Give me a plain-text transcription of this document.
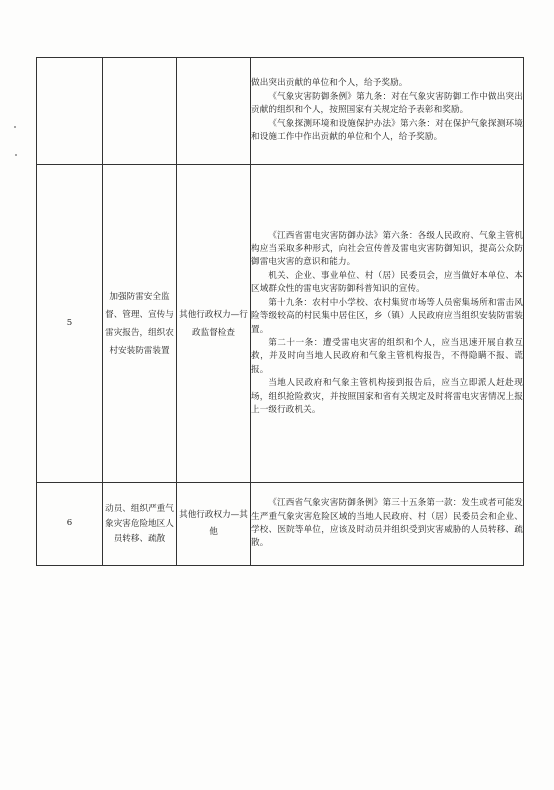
			做出突出贡献的单位和个人，给予奖励。

《气象灾害防御条例》第九条：对在气象灾害防御工作中做出突出贡献的组织和个人，按照国家有关规定给予表彰和奖励。

《气象探测环境和设施保护办法》第六条：对在保护气象探测环境和设施工作中作出贡献的单位和个人，给予奖励。

5	加强防雷安全监督、管理、宣传与雷灾报告，组织农村安装防雷装置	其他行政权力—行政监督检查	《江西省雷电灾害防御办法》第六条：各级人民政府、气象主管机构应当采取多种形式，向社会宣传普及雷电灾害防御知识，提高公众防御雷电灾害的意识和能力。

机关、企业、事业单位、村（居）民委员会，应当做好本单位、本区域群众性的雷电灾害防御科普知识的宣传。

第十九条：农村中小学校、农村集贸市场等人员密集场所和雷击风险等级较高的村民集中居住区，乡（镇）人民政府应当组织安装防雷装置。

第二十一条：遭受雷电灾害的组织和个人，应当迅速开展自救互救，并及时向当地人民政府和气象主管机构报告，不得隐瞒不报、谎报。

当地人民政府和气象主管机构接到报告后，应当立即派人赶赴现场，组织抢险救灾，并按照国家和省有关规定及时将雷电灾害情况上报上一级行政机关。

6	动员、组织严重气象灾害危险地区人员转移、疏散	其他行政权力—其他	《江西省气象灾害防御条例》第三十五条第一款：发生或者可能发生严重气象灾害危险区域的当地人民政府、村（居）民委员会和企业、学校、医院等单位，应该及时动员并组织受到灾害威胁的人员转移、疏散。
